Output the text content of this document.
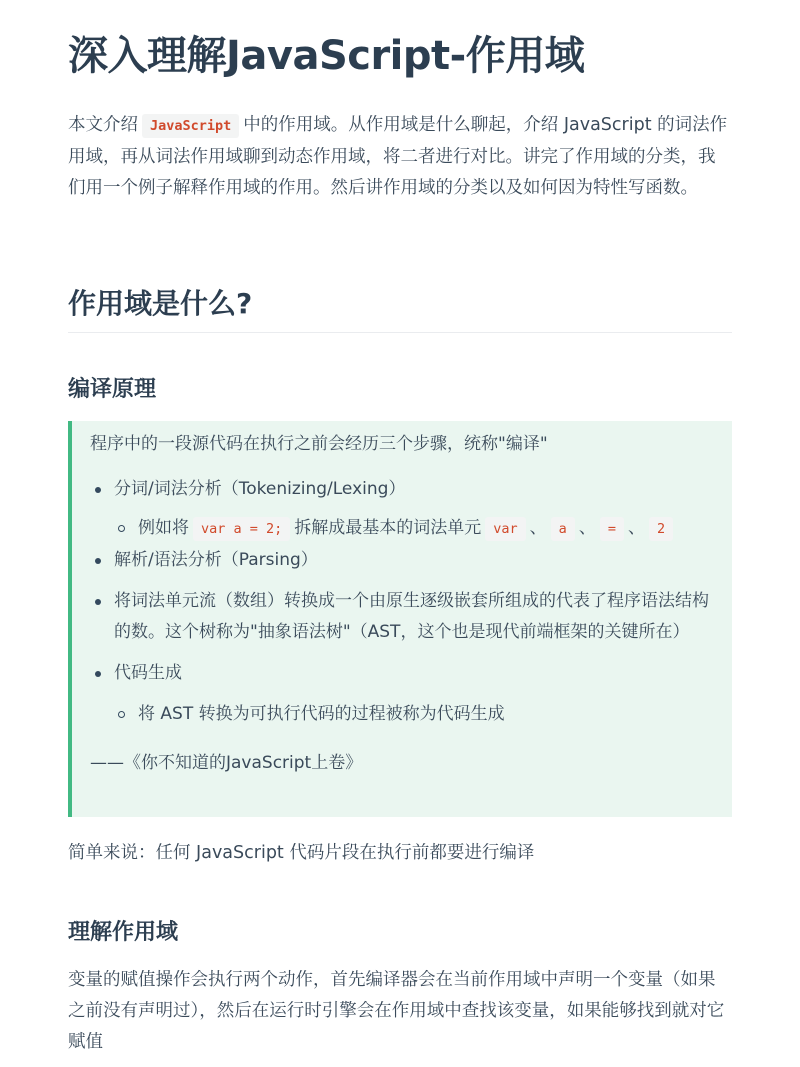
深入理解JavaScript-作用域

本文介绍 JavaScript 中的作用域。从作用域是什么聊起，介绍 JavaScript 的词法作用域，再从词法作用域聊到动态作用域，将二者进行对比。讲完了作用域的分类，我们用一个例子解释作用域的作用。然后讲作用域的分类以及如何因为特性写函数。

作用域是什么?
编译原理

程序中的一段源代码在执行之前会经历三个步骤，统称"编译"

分词/词法分析（Tokenizing/Lexing）
例如将 var a = 2; 拆解成最基本的词法单元 var 、 a 、 = 、 2
解析/语法分析（Parsing）
将词法单元流（数组）转换成一个由原生逐级嵌套所组成的代表了程序语法结构的数。这个树称为"抽象语法树"（AST，这个也是现代前端框架的关键所在）
代码生成
将 AST 转换为可执行代码的过程被称为代码生成

——《你不知道的JavaScript上卷》

简单来说：任何 JavaScript 代码片段在执行前都要进行编译

理解作用域

变量的赋值操作会执行两个动作，首先编译器会在当前作用域中声明一个变量（如果之前没有声明过），然后在运行时引擎会在作用域中查找该变量，如果能够找到就对它赋值
